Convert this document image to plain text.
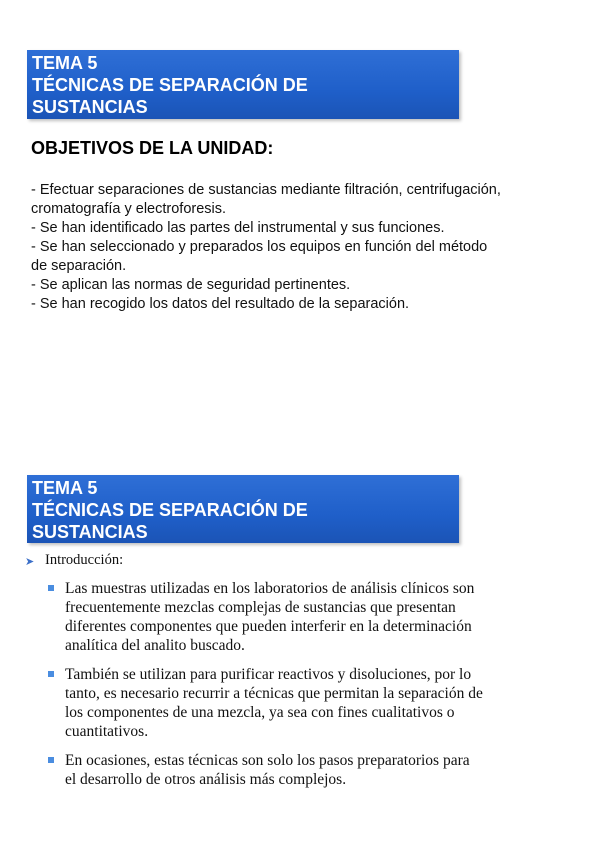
TEMA 5
TÉCNICAS DE SEPARACIÓN DE
SUSTANCIAS
OBJETIVOS DE LA UNIDAD:
- Efectuar separaciones de sustancias mediante filtración, centrifugación,
cromatografía y electroforesis.
- Se han identificado las partes del instrumental y sus funciones.
- Se han seleccionado y preparados los equipos en función del método
de separación.
- Se aplican las normas de seguridad pertinentes.
- Se han recogido los datos del resultado de la separación.
TEMA 5
TÉCNICAS DE SEPARACIÓN DE
SUSTANCIAS
➤ Introducción:
Las muestras utilizadas en los laboratorios de análisis clínicos son
frecuentemente mezclas complejas de sustancias que presentan
diferentes componentes que pueden interferir en la determinación
analítica del analito buscado.
También se utilizan para purificar reactivos y disoluciones, por lo
tanto, es necesario recurrir a técnicas que permitan la separación de
los componentes de una mezcla, ya sea con fines cualitativos o
cuantitativos.
En ocasiones, estas técnicas son solo los pasos preparatorios para
el desarrollo de otros análisis más complejos.
